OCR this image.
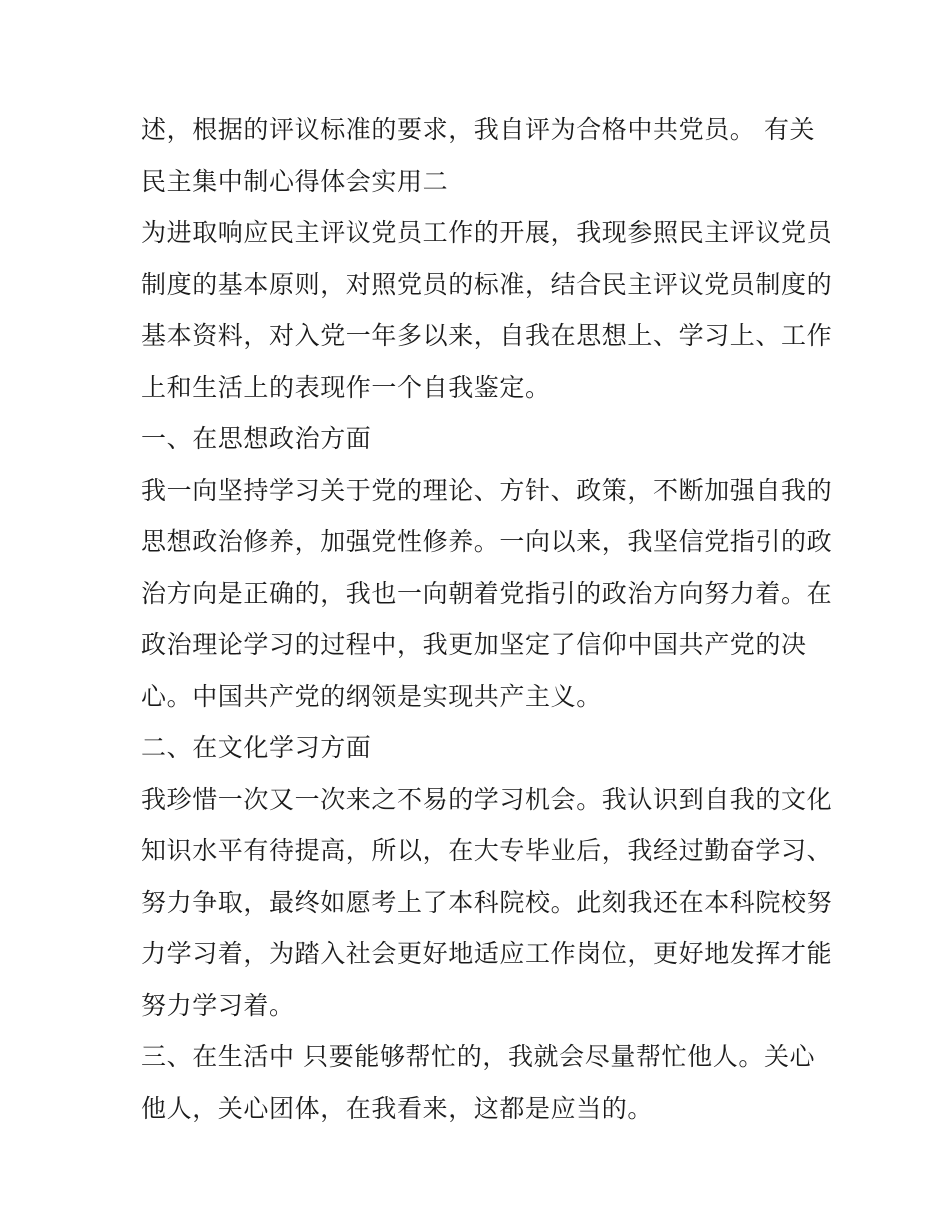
述，根据的评议标准的要求，我自评为合格中共党员。 有关
民主集中制心得体会实用二
为进取响应民主评议党员工作的开展，我现参照民主评议党员
制度的基本原则，对照党员的标准，结合民主评议党员制度的
基本资料，对入党一年多以来，自我在思想上、学习上、工作
上和生活上的表现作一个自我鉴定。
一、在思想政治方面
我一向坚持学习关于党的理论、方针、政策，不断加强自我的
思想政治修养，加强党性修养。一向以来，我坚信党指引的政
治方向是正确的，我也一向朝着党指引的政治方向努力着。在
政治理论学习的过程中，我更加坚定了信仰中国共产党的决
心。中国共产党的纲领是实现共产主义。
二、在文化学习方面
我珍惜一次又一次来之不易的学习机会。我认识到自我的文化
知识水平有待提高，所以，在大专毕业后，我经过勤奋学习、
努力争取，最终如愿考上了本科院校。此刻我还在本科院校努
力学习着，为踏入社会更好地适应工作岗位，更好地发挥才能
努力学习着。
三、在生活中 只要能够帮忙的，我就会尽量帮忙他人。关心
他人，关心团体，在我看来，这都是应当的。
